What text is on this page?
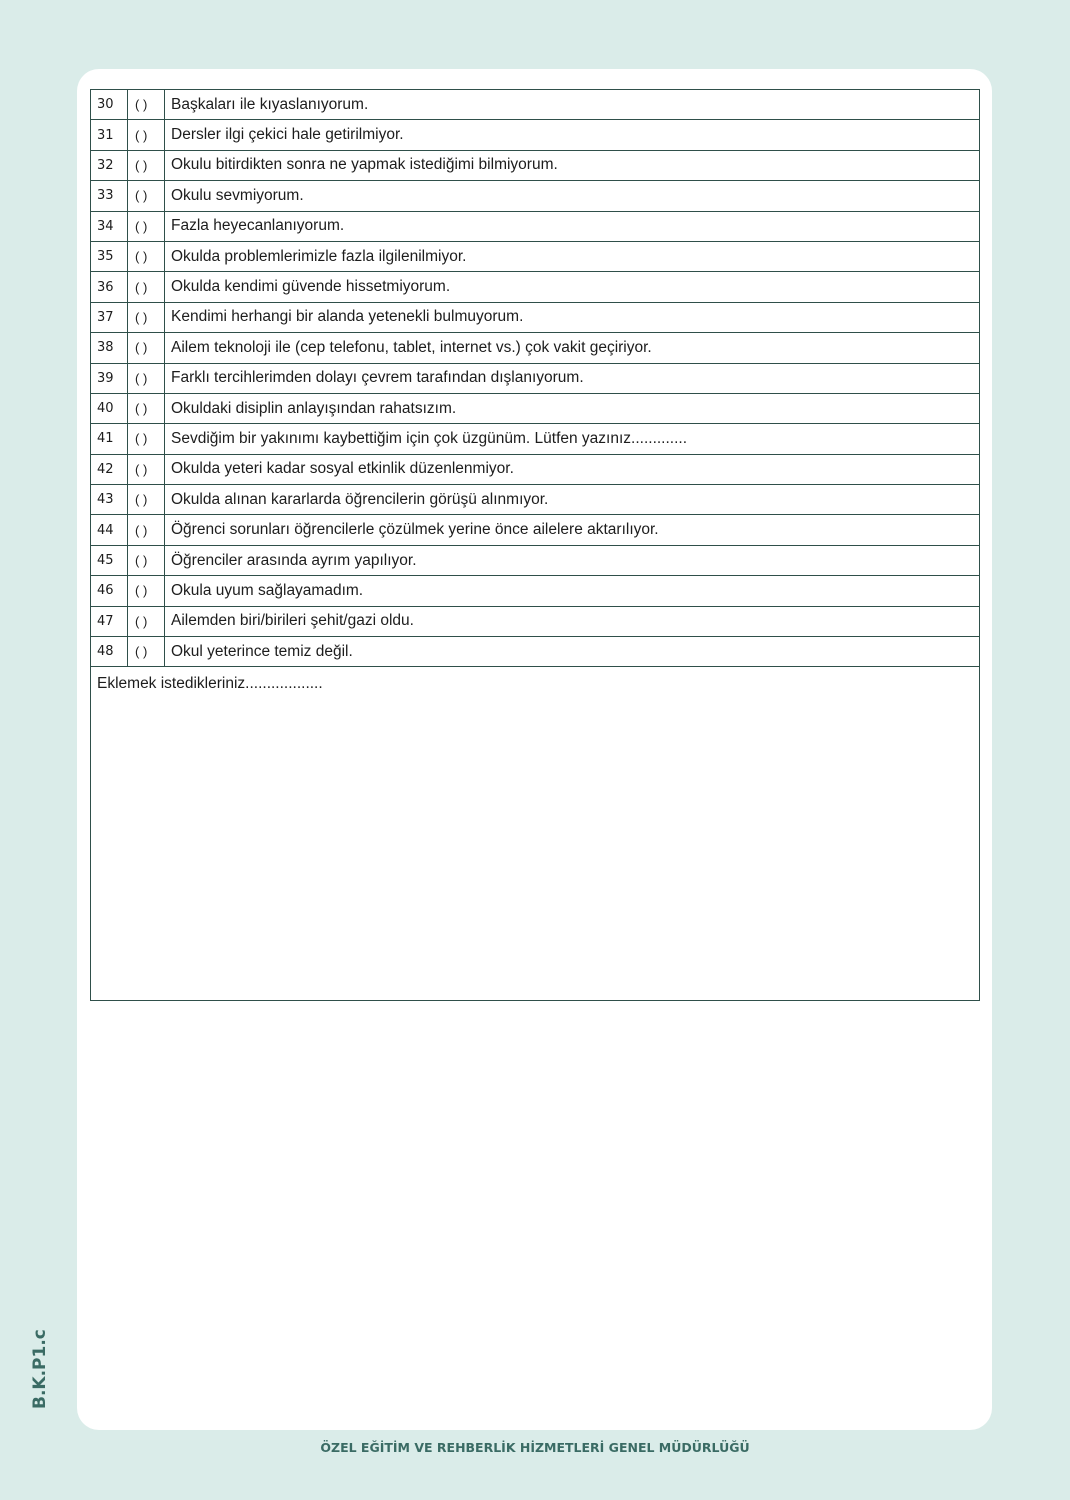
30	( )	Başkaları ile kıyaslanıyorum.
31	( )	Dersler ilgi çekici hale getirilmiyor.
32	( )	Okulu bitirdikten sonra ne yapmak istediğimi bilmiyorum.
33	( )	Okulu sevmiyorum.
34	( )	Fazla heyecanlanıyorum.
35	( )	Okulda problemlerimizle fazla ilgilenilmiyor.
36	( )	Okulda kendimi güvende hissetmiyorum.
37	( )	Kendimi herhangi bir alanda yetenekli bulmuyorum.
38	( )	Ailem teknoloji ile (cep telefonu, tablet, internet vs.) çok vakit geçiriyor.
39	( )	Farklı tercihlerimden dolayı çevrem tarafından dışlanıyorum.
40	( )	Okuldaki disiplin anlayışından rahatsızım.
41	( )	Sevdiğim bir yakınımı kaybettiğim için çok üzgünüm. Lütfen yazınız.............
42	( )	Okulda yeteri kadar sosyal etkinlik düzenlenmiyor.
43	( )	Okulda alınan kararlarda öğrencilerin görüşü alınmıyor.
44	( )	Öğrenci sorunları öğrencilerle çözülmek yerine önce ailelere aktarılıyor.
45	( )	Öğrenciler arasında ayrım yapılıyor.
46	( )	Okula uyum sağlayamadım.
47	( )	Ailemden biri/birileri şehit/gazi oldu.
48	( )	Okul yeterince temiz değil.
Eklemek istedikleriniz..................		
B.K.P1.c
ÖZEL EĞİTİM VE REHBERLİK HİZMETLERİ GENEL MÜDÜRLÜĞÜ
